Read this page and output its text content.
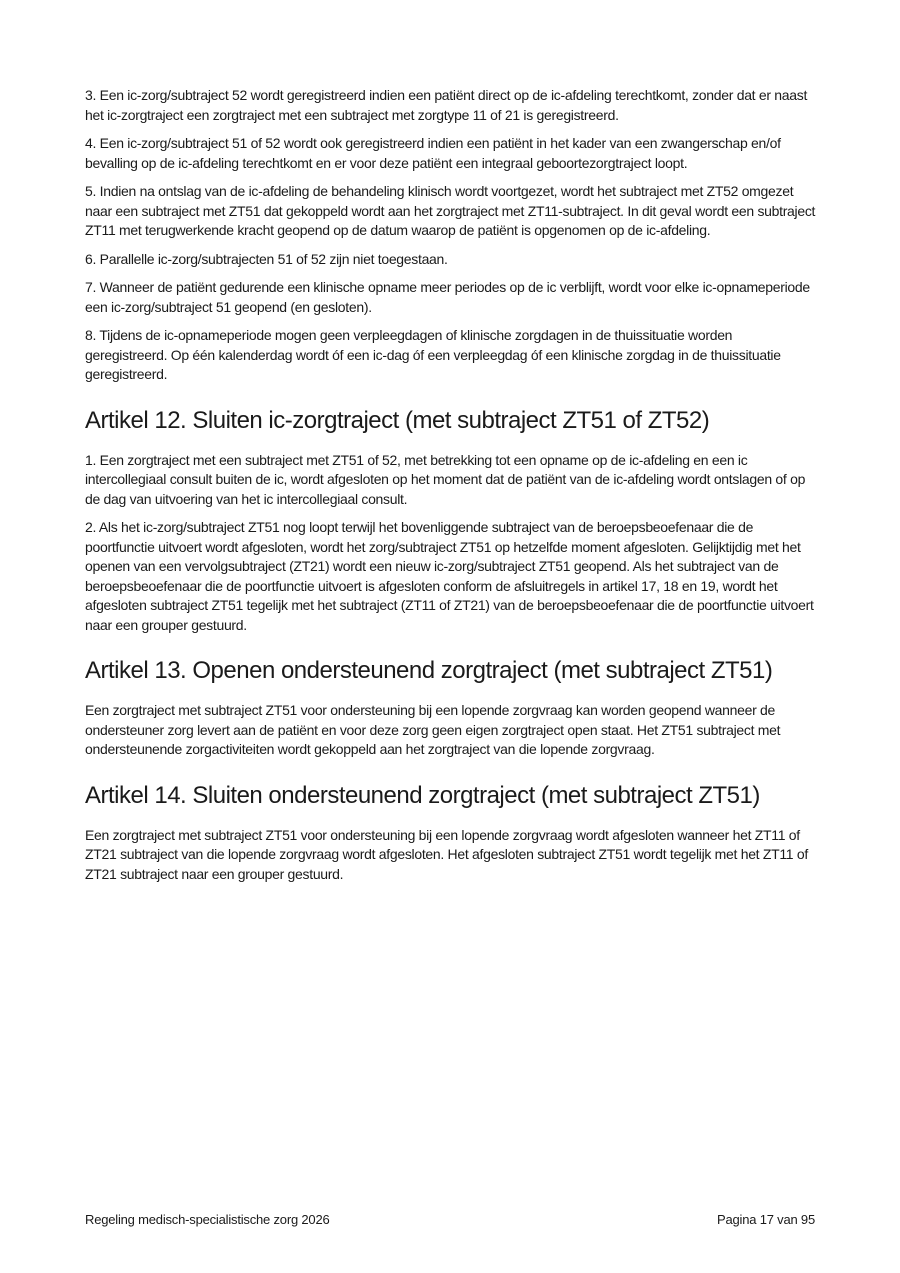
3. Een ic-zorg/subtraject 52 wordt geregistreerd indien een patiënt direct op de ic-afdeling terechtkomt, zonder dat er naast het ic-zorgtraject een zorgtraject met een subtraject met zorgtype 11 of 21 is geregistreerd.

4. Een ic-zorg/subtraject 51 of 52 wordt ook geregistreerd indien een patiënt in het kader van een zwangerschap en/of bevalling op de ic-afdeling terechtkomt en er voor deze patiënt een integraal geboortezorgtraject loopt.

5. Indien na ontslag van de ic-afdeling de behandeling klinisch wordt voortgezet, wordt het subtraject met ZT52 omgezet naar een subtraject met ZT51 dat gekoppeld wordt aan het zorgtraject met ZT11-subtraject. In dit geval wordt een subtraject ZT11 met terugwerkende kracht geopend op de datum waarop de patiënt is opgenomen op de ic-afdeling.

6. Parallelle ic-zorg/subtrajecten 51 of 52 zijn niet toegestaan.

7. Wanneer de patiënt gedurende een klinische opname meer periodes op de ic verblijft, wordt voor elke ic-opnameperiode een ic-zorg/subtraject 51 geopend (en gesloten).

8. Tijdens de ic-opnameperiode mogen geen verpleegdagen of klinische zorgdagen in de thuissituatie worden geregistreerd. Op één kalenderdag wordt óf een ic-dag óf een verpleegdag óf een klinische zorgdag in de thuissituatie geregistreerd.

Artikel 12. Sluiten ic-zorgtraject (met subtraject ZT51 of ZT52)

1. Een zorgtraject met een subtraject met ZT51 of 52, met betrekking tot een opname op de ic-afdeling en een ic intercollegiaal consult buiten de ic, wordt afgesloten op het moment dat de patiënt van de ic-afdeling wordt ontslagen of op de dag van uitvoering van het ic intercollegiaal consult.

2. Als het ic-zorg/subtraject ZT51 nog loopt terwijl het bovenliggende subtraject van de beroepsbeoefenaar die de poortfunctie uitvoert wordt afgesloten, wordt het zorg/subtraject ZT51 op hetzelfde moment afgesloten. Gelijktijdig met het openen van een vervolgsubtraject (ZT21) wordt een nieuw ic-zorg/subtraject ZT51 geopend. Als het subtraject van de beroepsbeoefenaar die de poortfunctie uitvoert is afgesloten conform de afsluitregels in artikel 17, 18 en 19, wordt het afgesloten subtraject ZT51 tegelijk met het subtraject (ZT11 of ZT21) van de beroepsbeoefenaar die de poortfunctie uitvoert naar een grouper gestuurd.

Artikel 13. Openen ondersteunend zorgtraject (met subtraject ZT51)

Een zorgtraject met subtraject ZT51 voor ondersteuning bij een lopende zorgvraag kan worden geopend wanneer de ondersteuner zorg levert aan de patiënt en voor deze zorg geen eigen zorgtraject open staat. Het ZT51 subtraject met ondersteunende zorgactiviteiten wordt gekoppeld aan het zorgtraject van die lopende zorgvraag.

Artikel 14. Sluiten ondersteunend zorgtraject (met subtraject ZT51)

Een zorgtraject met subtraject ZT51 voor ondersteuning bij een lopende zorgvraag wordt afgesloten wanneer het ZT11 of ZT21 subtraject van die lopende zorgvraag wordt afgesloten. Het afgesloten subtraject ZT51 wordt tegelijk met het ZT11 of ZT21 subtraject naar een grouper gestuurd.

Regeling medisch-specialistische zorg 2026	Pagina 17 van 95
